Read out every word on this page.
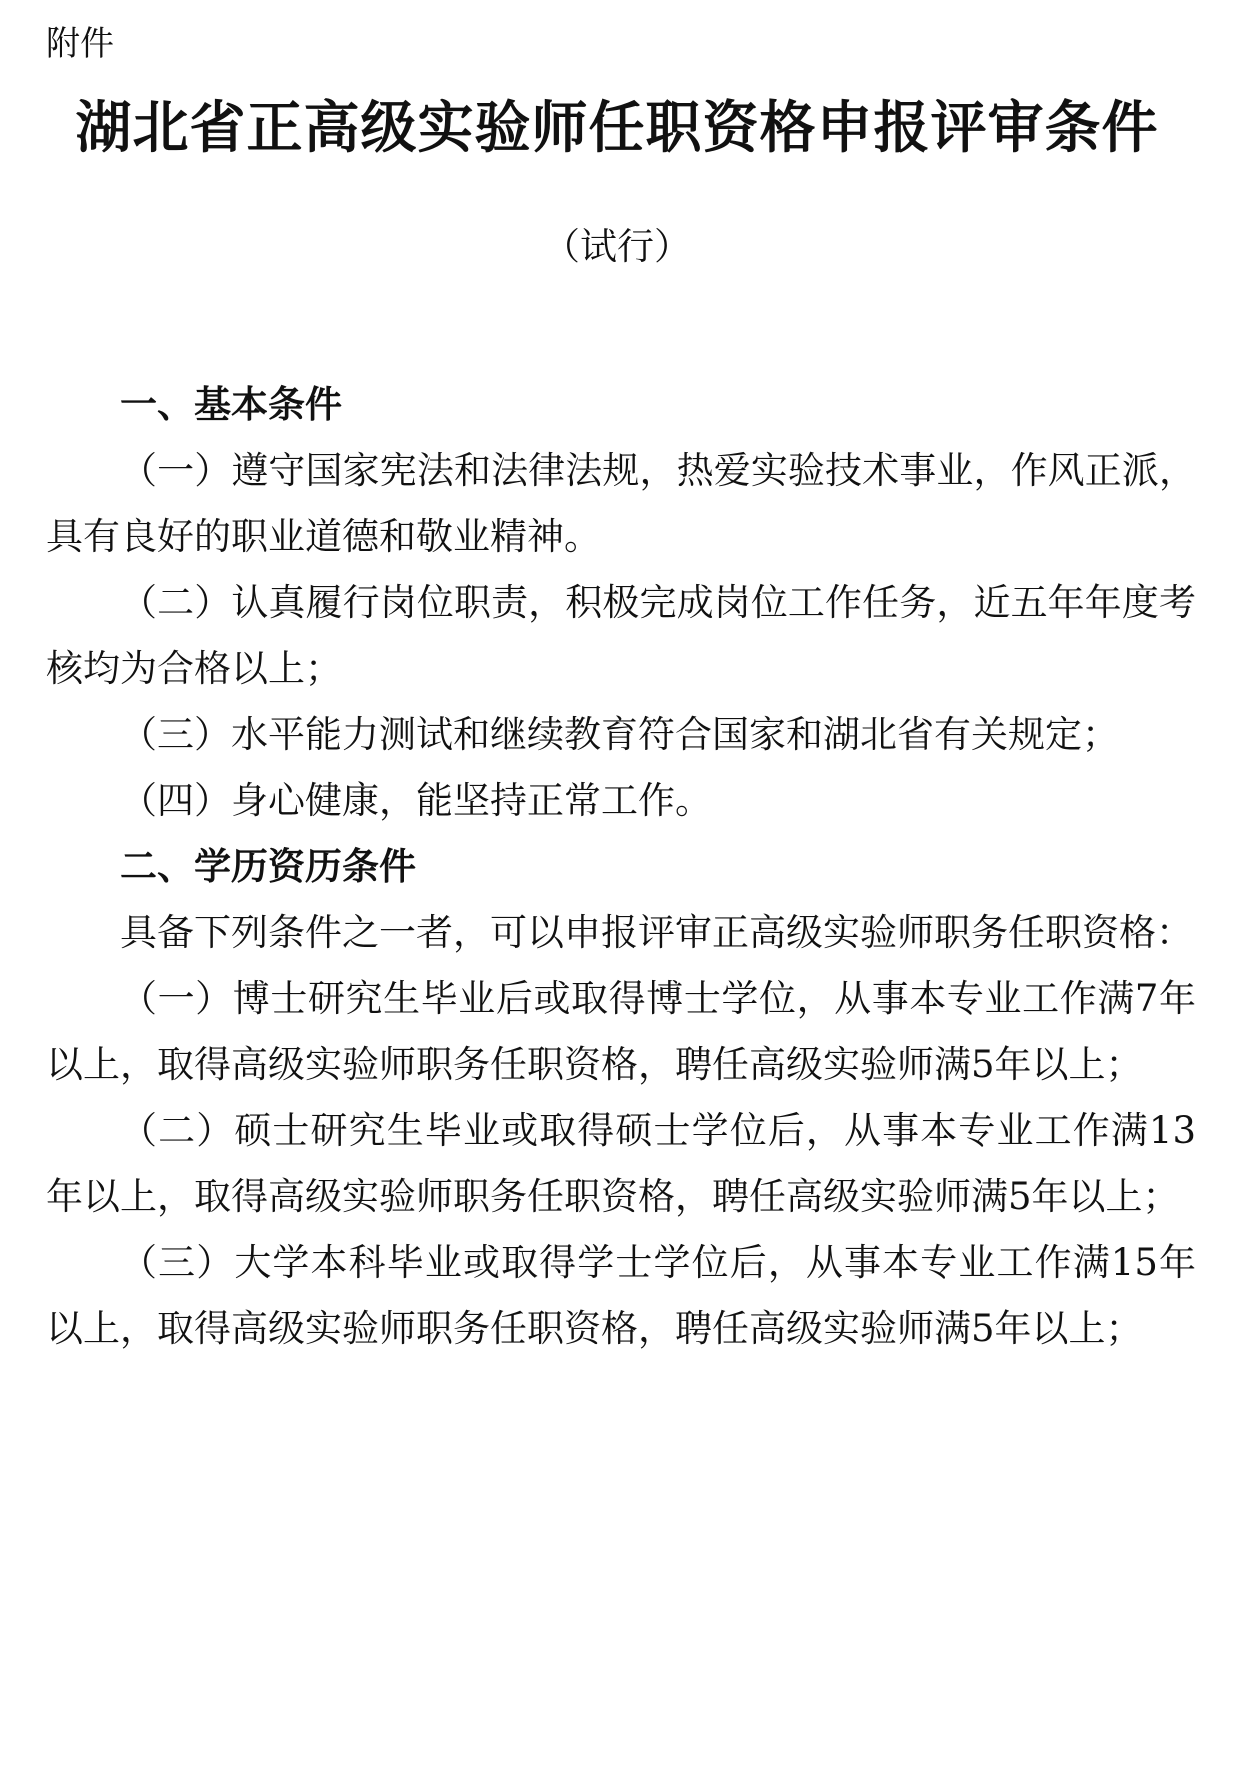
附件
湖北省正高级实验师任职资格申报评审条件
（试行）

一、基本条件

（一）遵守国家宪法和法律法规，热爱实验技术事业，作风正派，具有良好的职业道德和敬业精神。

（二）认真履行岗位职责，积极完成岗位工作任务，近五年年度考核均为合格以上；

（三）水平能力测试和继续教育符合国家和湖北省有关规定；

（四）身心健康，能坚持正常工作。

二、学历资历条件

具备下列条件之一者，可以申报评审正高级实验师职务任职资格：

（一）博士研究生毕业后或取得博士学位，从事本专业工作满7年以上，取得高级实验师职务任职资格，聘任高级实验师满5年以上；

（二）硕士研究生毕业或取得硕士学位后，从事本专业工作满13年以上，取得高级实验师职务任职资格，聘任高级实验师满5年以上；

（三）大学本科毕业或取得学士学位后，从事本专业工作满15年以上，取得高级实验师职务任职资格，聘任高级实验师满5年以上；
